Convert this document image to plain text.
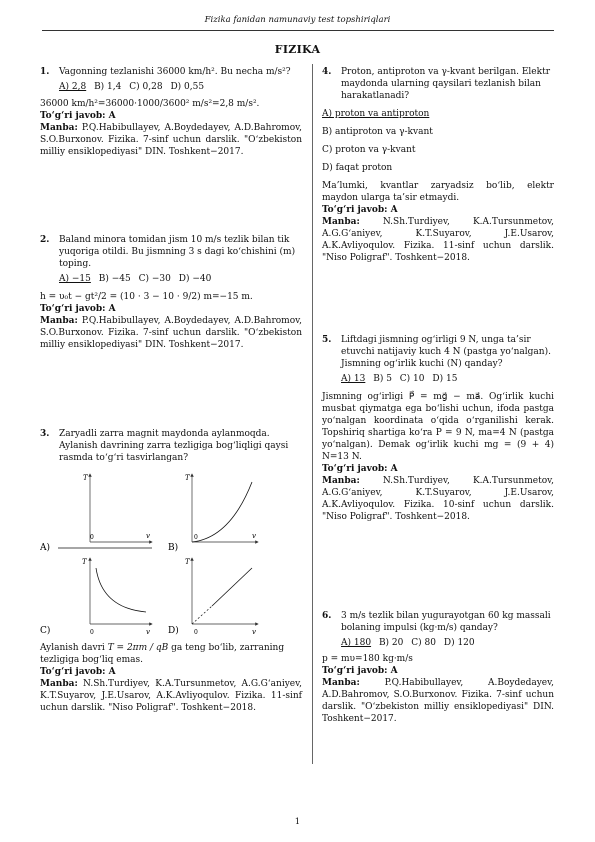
Fizika fanidan namunaviy test topshiriqlari
FIZIKA
1. Vagonning tezlanishi 36000 km/h². Bu necha m/s²?
A) 2,8 B) 1,4 C) 0,28 D) 0,55
36000 km/h²=36000·1000/3600² m/s²=2,8 m/s².
To‘g‘ri javob: A
Manba: P.Q.Habibullayev, A.Boydedayev, A.D.Bahromov, S.O.Burxonov. Fizika. 7-sinf uchun darslik. "O‘zbekiston milliy ensiklopediyasi" DIN. Toshkent−2017.
2. Baland minora tomidan jism 10 m/s tezlik bilan tik yuqoriga otildi. Bu jismning 3 s dagi ko‘chishini (m) toping.
A) −15 B) −45 C) −30 D) −40
h = υ₀t − gt²/2 = (10 · 3 − 10 · 9/2) m=−15 m.
To‘g‘ri javob: A
Manba: P.Q.Habibullayev, A.Boydedayev, A.D.Bahromov, S.O.Burxonov. Fizika. 7-sinf uchun darslik. "O‘zbekiston milliy ensiklopediyasi" DIN. Toshkent−2017.
3. Zaryadli zarra magnit maydonda aylanmoqda. Aylanish davrining zarra tezligiga bog‘liqligi qaysi rasmda to‘g‘ri tasvirlangan?
A)
T
v
0
B)
T
v
0
C)
T
v
0	D)
T
v
0
Aylanish davri T = 2πm / qB ga teng bo‘lib, zarraning tezligiga bog‘liq emas.
To‘g‘ri javob: A
Manba: N.Sh.Turdiyev, K.A.Tursunmetov, A.G.G‘aniyev, K.T.Suyarov, J.E.Usarov, A.K.Avliyoqulov. Fizika. 11-sinf uchun darslik. "Niso Poligraf". Toshkent−2018.
4. Proton, antiproton va γ-kvant berilgan. Elektr maydonda ularning qaysilari tezlanish bilan harakatlanadi?
A) proton va antiproton
B) antiproton va γ-kvant
C) proton va γ-kvant
D) faqat proton
Ma’lumki, kvantlar zaryadsiz bo‘lib, elektr maydon ularga ta’sir etmaydi.
To‘g‘ri javob: A
Manba:	N.Sh.Turdiyev, K.A.Tursunmetov, A.G.G‘aniyev, K.T.Suyarov, J.E.Usarov, A.K.Avliyoqulov. Fizika. 11-sinf uchun darslik. "Niso Poligraf". Toshkent−2018.
5. Liftdagi jismning og‘irligi 9 N, unga ta’sir etuvchi natijaviy kuch 4 N (pastga yo‘nalgan). Jismning og‘irlik kuchi (N) qanday?
A) 13 B) 5 C) 10 D) 15
Jismning og‘irligi P⃗ = mg⃗ − ma⃗. Og‘irlik kuchi musbat qiymatga ega bo‘lishi uchun, ifoda pastga yo‘nalgan koordinata o‘qida o‘rganilishi kerak. Topshiriq shartiga ko‘ra P = 9 N, ma=4 N (pastga yo‘nalgan). Demak og‘irlik kuchi mg = (9 + 4) N=13 N.
To‘g‘ri javob: A
Manba:	N.Sh.Turdiyev, K.A.Tursunmetov, A.G.G‘aniyev, K.T.Suyarov, J.E.Usarov, A.K.Avliyoqulov. Fizika. 10-sinf uchun darslik. "Niso Poligraf". Toshkent−2018.
6. 3 m/s tezlik bilan yugurayotgan 60 kg massali bolaning impulsi (kg·m/s) qanday?
A) 180 B) 20 C) 80 D) 120
p = mυ=180 kg·m/s
To‘g‘ri javob: A
Manba:	P.Q.Habibullayev, A.Boydedayev, A.D.Bahromov, S.O.Burxonov. Fizika. 7-sinf uchun darslik. "O‘zbekiston milliy ensiklopediyasi" DIN. Toshkent−2017.
1
